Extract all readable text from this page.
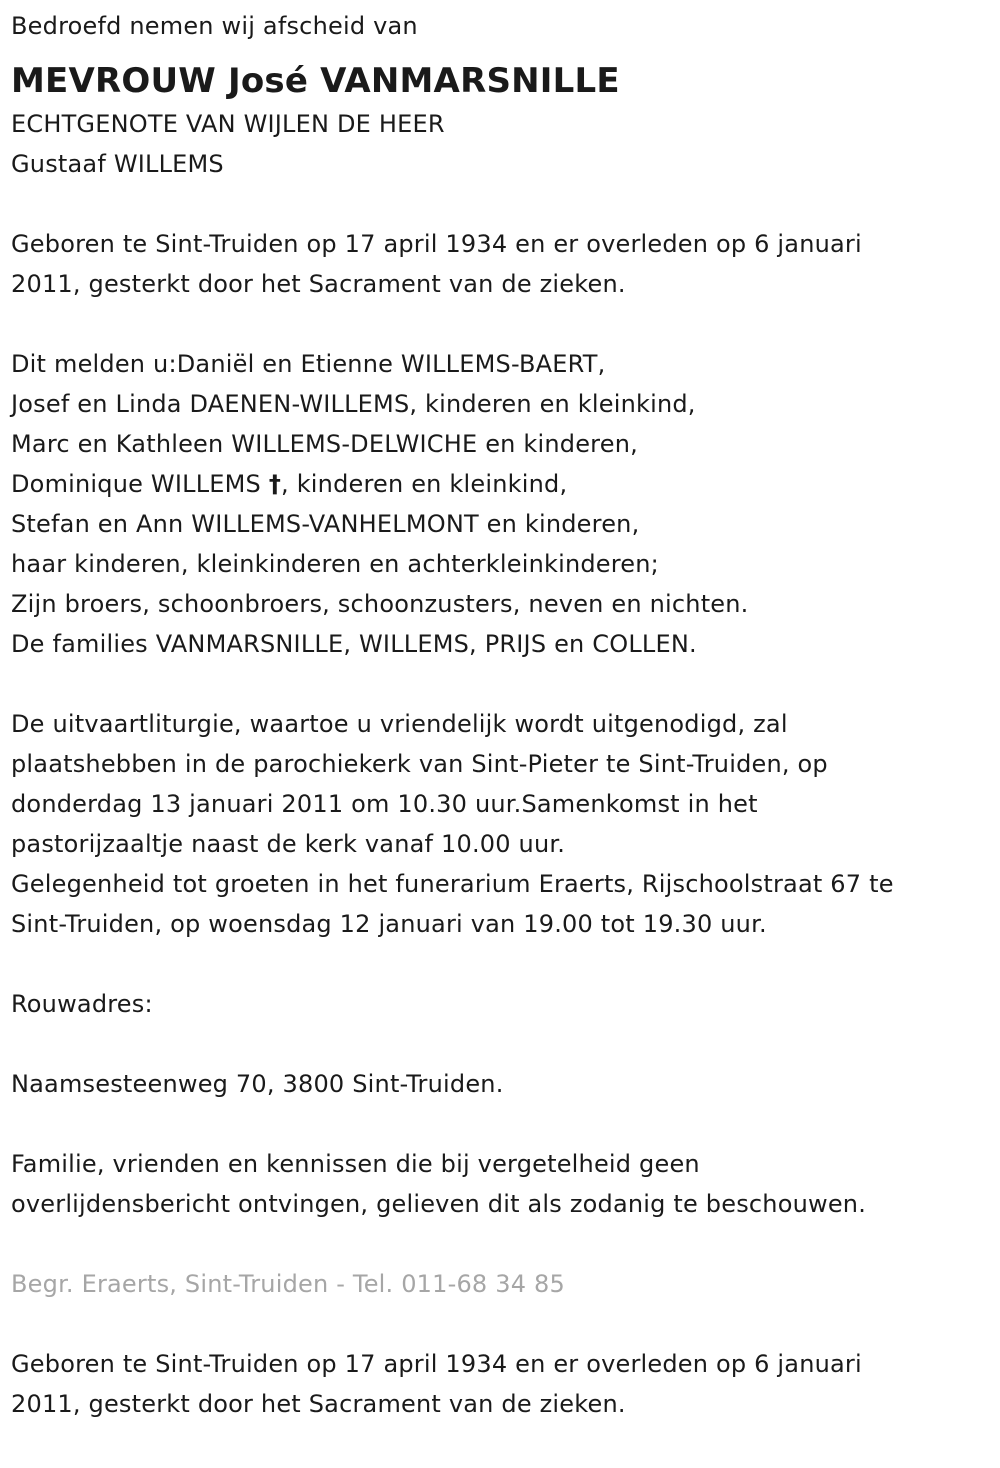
Bedroefd nemen wij afscheid van
MEVROUW José VANMARSNILLE
ECHTGENOTE VAN WIJLEN DE HEER
Gustaaf WILLEMS
Geboren te Sint-Truiden op 17 april 1934 en er overleden op 6 januari
2011, gesterkt door het Sacrament van de zieken.
Dit melden u:Daniël en Etienne WILLEMS-BAERT,
Josef en Linda DAENEN-WILLEMS, kinderen en kleinkind,
Marc en Kathleen WILLEMS-DELWICHE en kinderen,
Dominique WILLEMS †, kinderen en kleinkind,
Stefan en Ann WILLEMS-VANHELMONT en kinderen,
haar kinderen, kleinkinderen en achterkleinkinderen;
Zijn broers, schoonbroers, schoonzusters, neven en nichten.
De families VANMARSNILLE, WILLEMS, PRIJS en COLLEN.
De uitvaartliturgie, waartoe u vriendelijk wordt uitgenodigd, zal
plaatshebben in de parochiekerk van Sint-Pieter te Sint-Truiden, op
donderdag 13 januari 2011 om 10.30 uur.Samenkomst in het
pastorijzaaltje naast de kerk vanaf 10.00 uur.
Gelegenheid tot groeten in het funerarium Eraerts, Rijschoolstraat 67 te
Sint-Truiden, op woensdag 12 januari van 19.00 tot 19.30 uur.
Rouwadres:
Naamsesteenweg 70, 3800 Sint-Truiden.
Familie, vrienden en kennissen die bij vergetelheid geen
overlijdensbericht ontvingen, gelieven dit als zodanig te beschouwen.
Begr. Eraerts, Sint-Truiden - Tel. 011-68 34 85
Geboren te Sint-Truiden op 17 april 1934 en er overleden op 6 januari
2011, gesterkt door het Sacrament van de zieken.
